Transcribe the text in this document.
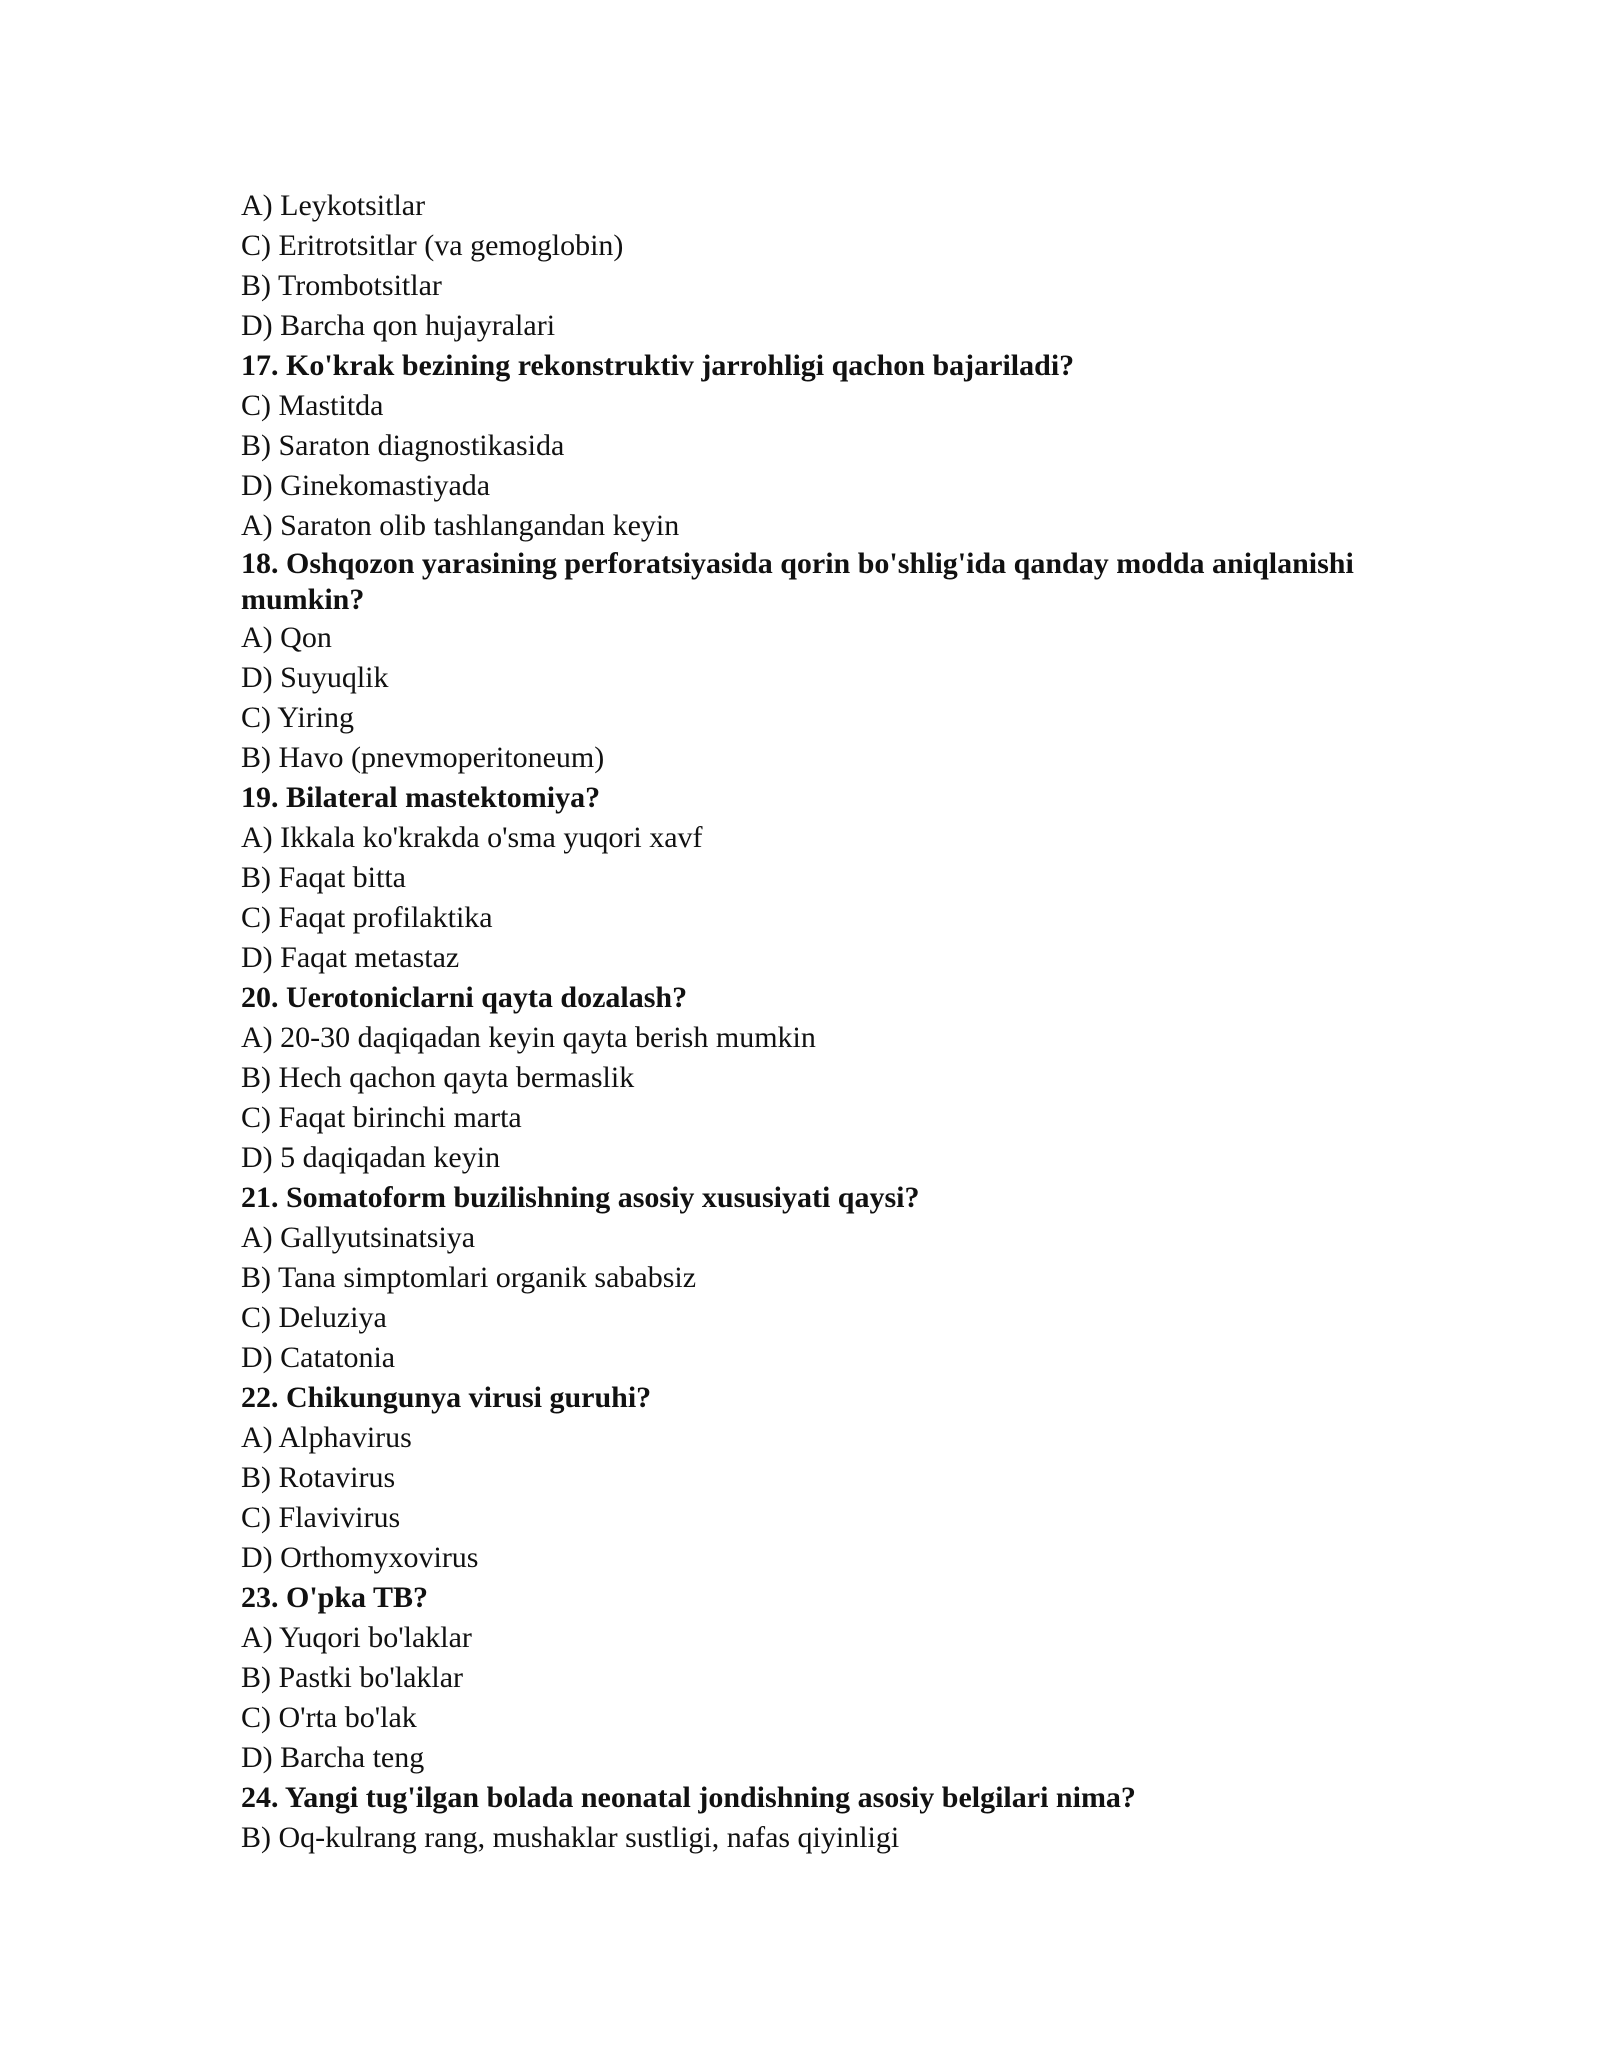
A) Leykotsitlar
C) Eritrotsitlar (va gemoglobin)
B) Trombotsitlar
D) Barcha qon hujayralari
17. Ko'krak bezining rekonstruktiv jarrohligi qachon bajariladi?
C) Mastitda
B) Saraton diagnostikasida
D) Ginekomastiyada
A) Saraton olib tashlangandan keyin
18. Oshqozon yarasining perforatsiyasida qorin bo'shlig'ida qanday modda aniqlanishi mumkin?
A) Qon
D) Suyuqlik
C) Yiring
B) Havo (pnevmoperitoneum)
19. Bilateral mastektomiya?
A) Ikkala ko'krakda o'sma yuqori xavf
B) Faqat bitta
C) Faqat profilaktika
D) Faqat metastaz
20. Uerotoniclarni qayta dozalash?
A) 20-30 daqiqadan keyin qayta berish mumkin
B) Hech qachon qayta bermaslik
C) Faqat birinchi marta
D) 5 daqiqadan keyin
21. Somatoform buzilishning asosiy xususiyati qaysi?
A) Gallyutsinatsiya
B) Tana simptomlari organik sababsiz
C) Deluziya
D) Catatonia
22. Chikungunya virusi guruhi?
A) Alphavirus
B) Rotavirus
C) Flavivirus
D) Orthomyxovirus
23. O'pka TB?
A) Yuqori bo'laklar
B) Pastki bo'laklar
C) O'rta bo'lak
D) Barcha teng
24. Yangi tug'ilgan bolada neonatal jondishning asosiy belgilari nima?
B) Oq-kulrang rang, mushaklar sustligi, nafas qiyinligi
